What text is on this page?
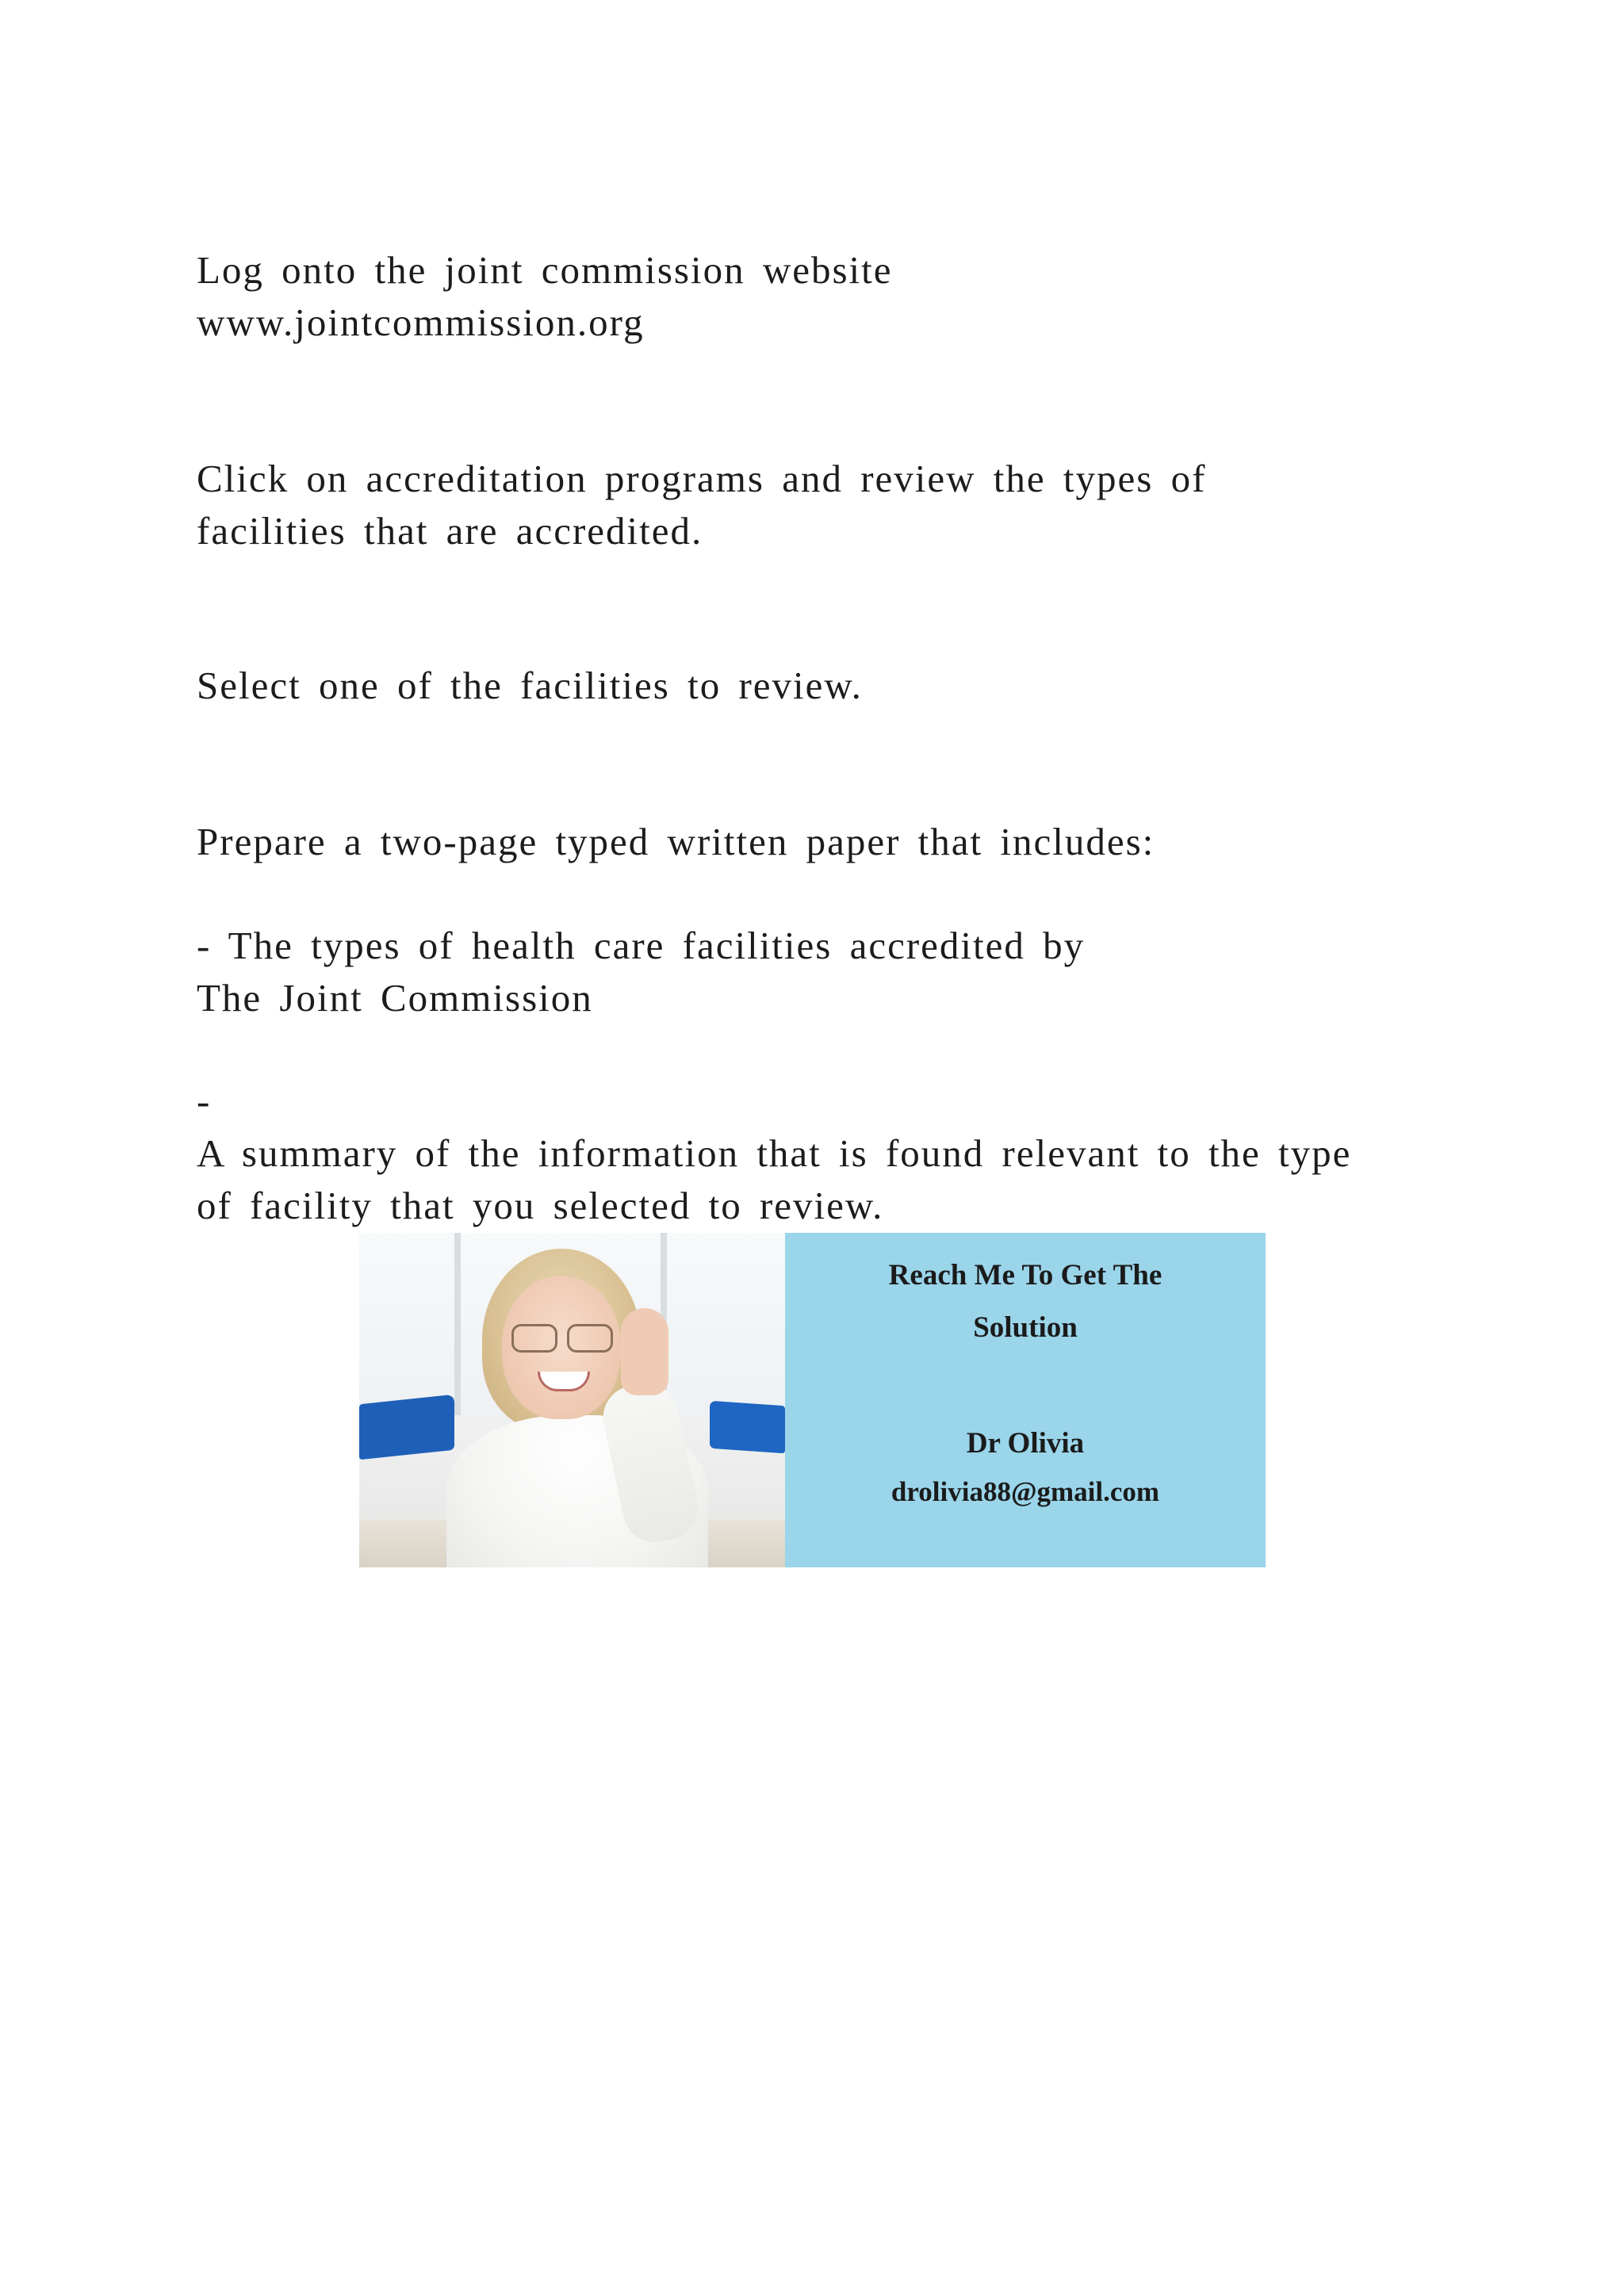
Log onto the joint commission website
www.jointcommission.org

Click on accreditation programs and review the types of
facilities that are accredited.

Select one of the facilities to review.

Prepare a two-page typed written paper that includes:

- The types of health care facilities accredited by
The Joint Commission

-
A summary of the information that is found relevant to the type
of facility that you selected to review.

Reach Me To Get The
Solution
Dr Olivia
drolivia88@gmail.com
